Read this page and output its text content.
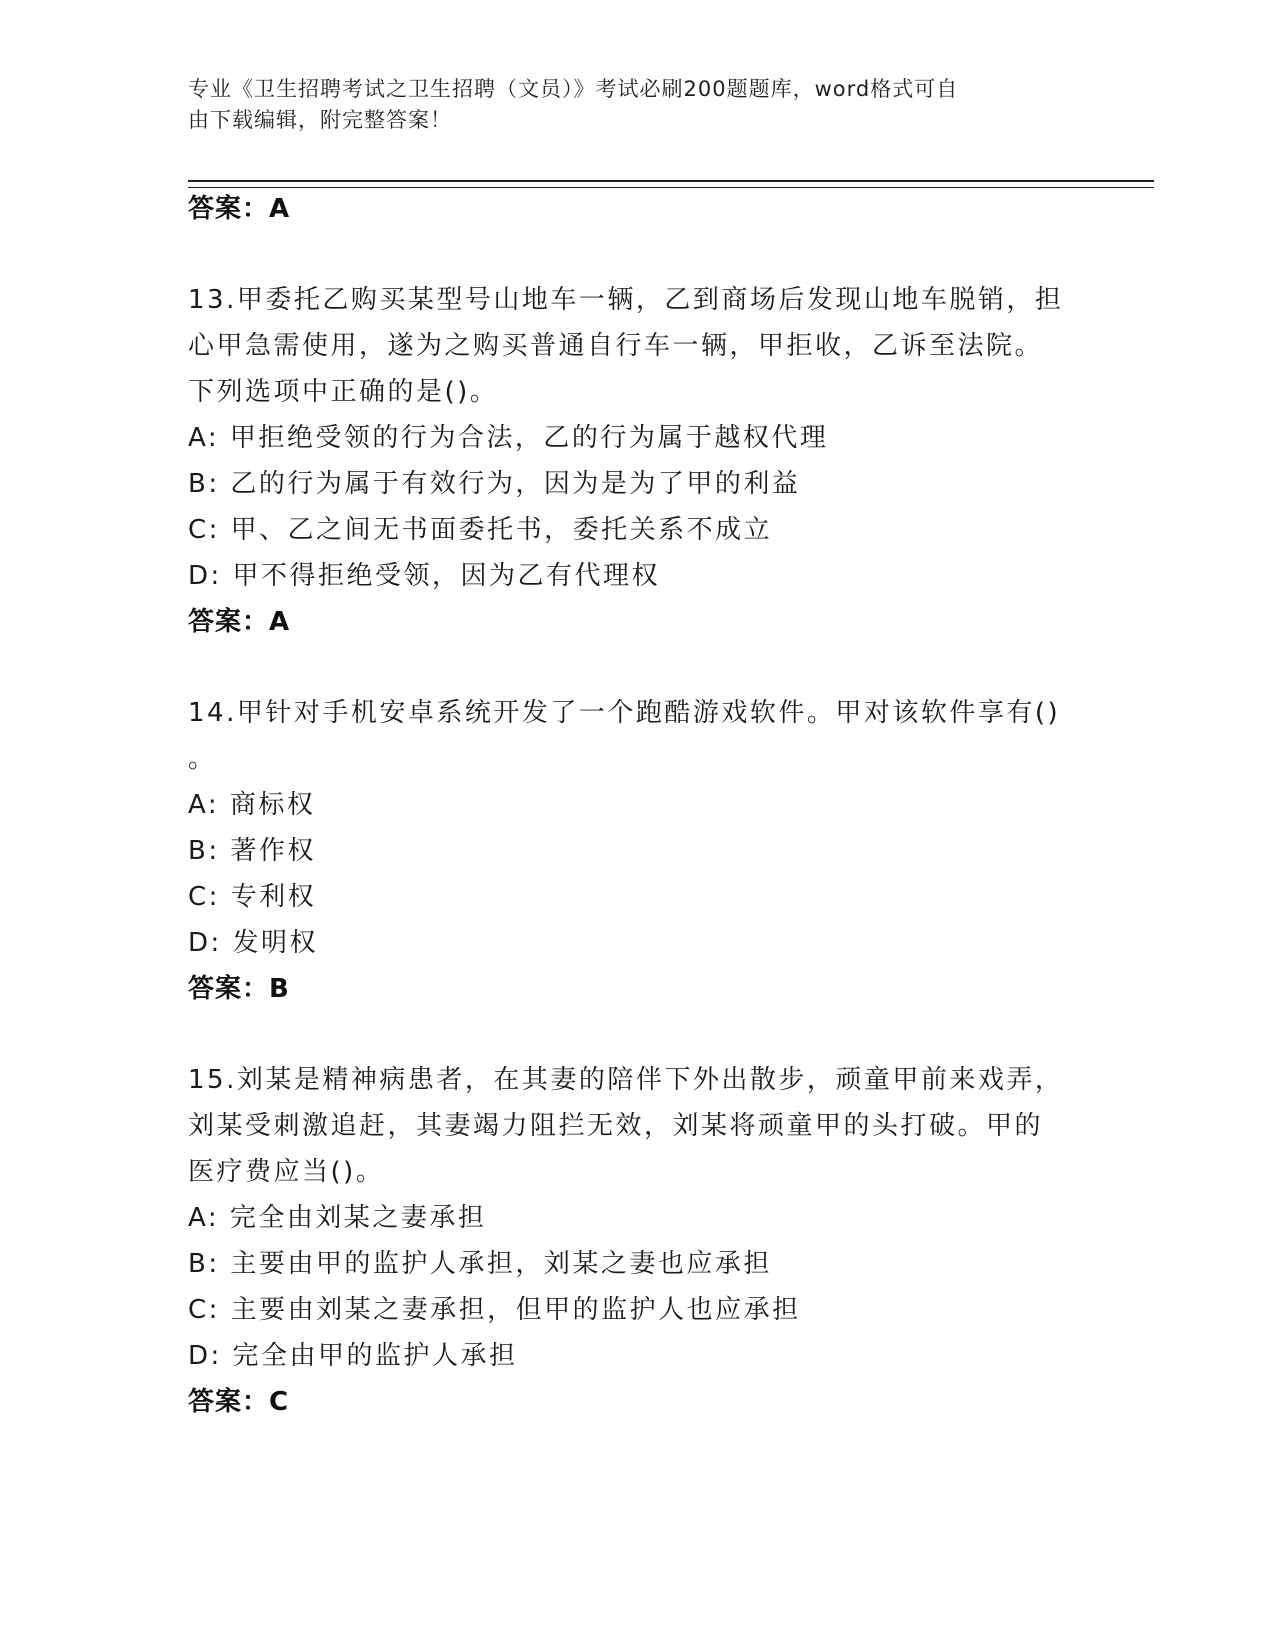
专业《卫生招聘考试之卫生招聘（文员）》考试必刷200题题库，word格式可自
由下载编辑，附完整答案！
答案：A
13.甲委托乙购买某型号山地车一辆，乙到商场后发现山地车脱销，担
心甲急需使用，遂为之购买普通自行车一辆，甲拒收，乙诉至法院。
下列选项中正确的是()。
A: 甲拒绝受领的行为合法，乙的行为属于越权代理
B: 乙的行为属于有效行为，因为是为了甲的利益
C: 甲、乙之间无书面委托书，委托关系不成立
D: 甲不得拒绝受领，因为乙有代理权
答案：A
14.甲针对手机安卓系统开发了一个跑酷游戏软件。甲对该软件享有()
。
A: 商标权
B: 著作权
C: 专利权
D: 发明权
答案：B
15.刘某是精神病患者，在其妻的陪伴下外出散步，顽童甲前来戏弄，
刘某受刺激追赶，其妻竭力阻拦无效，刘某将顽童甲的头打破。甲的
医疗费应当()。
A: 完全由刘某之妻承担
B: 主要由甲的监护人承担，刘某之妻也应承担
C: 主要由刘某之妻承担，但甲的监护人也应承担
D: 完全由甲的监护人承担
答案：C
